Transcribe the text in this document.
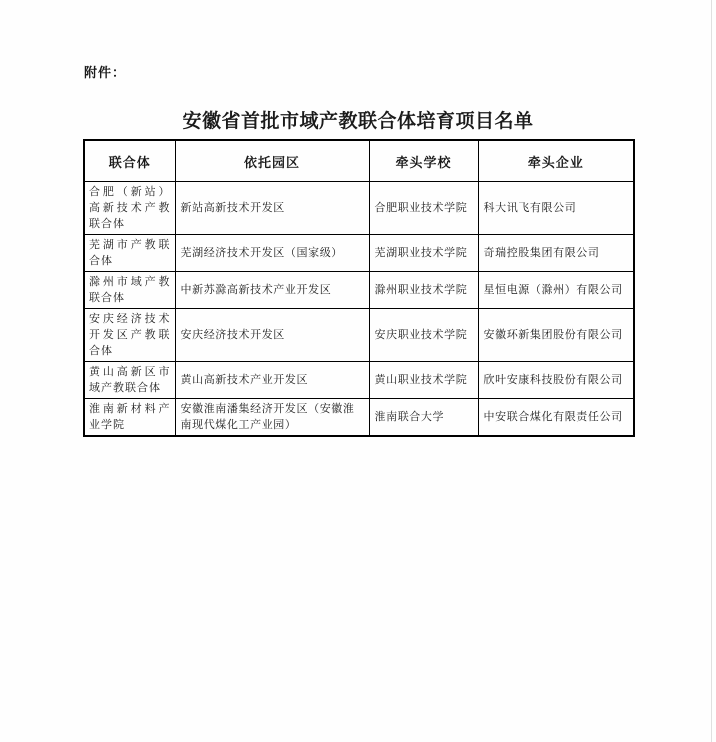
附件：
安徽省首批市域产教联合体培育项目名单
联合体	依托园区	牵头学校	牵头企业
合肥（新站）高新技术产教联合体	新站高新技术开发区	合肥职业技术学院	科大讯飞有限公司
芜湖市产教联合体	芜湖经济技术开发区（国家级）	芜湖职业技术学院	奇瑞控股集团有限公司
滁州市域产教联合体	中新苏滁高新技术产业开发区	滁州职业技术学院	星恒电源（滁州）有限公司
安庆经济技术开发区产教联合体	安庆经济技术开发区	安庆职业技术学院	安徽环新集团股份有限公司
黄山高新区市域产教联合体	黄山高新技术产业开发区	黄山职业技术学院	欣叶安康科技股份有限公司
淮南新材料产业学院	安徽淮南潘集经济开发区（安徽淮南现代煤化工产业园）	淮南联合大学	中安联合煤化有限责任公司
